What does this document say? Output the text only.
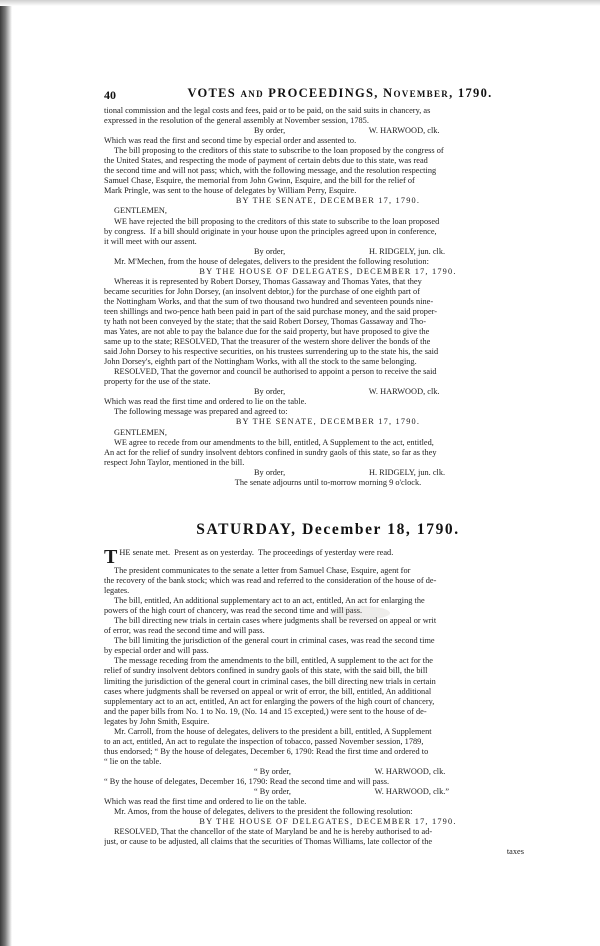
40	VOTES and PROCEEDINGS, November, 1790.
tional commission and the legal costs and fees, paid or to be paid, on the said suits in chancery, as
expressed in the resolution of the general assembly at November session, 1785.
By order,                                        W. HARWOOD, clk.
Which was read the first and second time by especial order and assented to.
The bill proposing to the creditors of this state to subscribe to the loan proposed by the congress of
the United States, and respecting the mode of payment of certain debts due to this state, was read
the second time and will not pass; which, with the following message, and the resolution respecting
Samuel Chase, Esquire, the memorial from John Gwinn, Esquire, and the bill for the relief of
Mark Pringle, was sent to the house of delegates by William Perry, Esquire.
BY THE SENATE, DECEMBER 17, 1790.
GENTLEMEN,
WE have rejected the bill proposing to the creditors of this state to subscribe to the loan proposed
by congress.  If a bill should originate in your house upon the principles agreed upon in conference,
it will meet with our assent.
By order,                                        H. RIDGELY, jun. clk.
Mr. M'Mechen, from the house of delegates, delivers to the president the following resolution:
BY THE HOUSE OF DELEGATES, DECEMBER 17, 1790.
Whereas it is represented by Robert Dorsey, Thomas Gassaway and Thomas Yates, that they
became securities for John Dorsey, (an insolvent debtor,) for the purchase of one eighth part of
the Nottingham Works, and that the sum of two thousand two hundred and seventeen pounds nine-
teen shillings and two-pence hath been paid in part of the said purchase money, and the said proper-
ty hath not been conveyed by the state; that the said Robert Dorsey, Thomas Gassaway and Tho-
mas Yates, are not able to pay the balance due for the said property, but have proposed to give the
same up to the state; RESOLVED, That the treasurer of the western shore deliver the bonds of the
said John Dorsey to his respective securities, on his trustees surrendering up to the state his, the said
John Dorsey's, eighth part of the Nottingham Works, with all the stock to the same belonging.
RESOLVED, That the governor and council be authorised to appoint a person to receive the said
property for the use of the state.
By order,                                        W. HARWOOD, clk.
Which was read the first time and ordered to lie on the table.
The following message was prepared and agreed to:
BY THE SENATE, DECEMBER 17, 1790.
GENTLEMEN,
WE agree to recede from our amendments to the bill, entitled, A Supplement to the act, entitled,
An act for the relief of sundry insolvent debtors confined in sundry gaols of this state, so far as they
respect John Taylor, mentioned in the bill.
By order,                                        H. RIDGELY, jun. clk.
The senate adjourns until to-morrow morning 9 o'clock.
SATURDAY, December 18, 1790.
THE senate met.  Present as on yesterday.  The proceedings of yesterday were read.
The president communicates to the senate a letter from Samuel Chase, Esquire, agent for
the recovery of the bank stock; which was read and referred to the consideration of the house of de-
legates.
The bill, entitled, An additional supplementary act to an act, entitled, An act for enlarging the
powers of the high court of chancery, was read the second time and will pass.
The bill directing new trials in certain cases where judgments shall be reversed on appeal or writ
of error, was read the second time and will pass.
The bill limiting the jurisdiction of the general court in criminal cases, was read the second time
by especial order and will pass.
The message receding from the amendments to the bill, entitled, A supplement to the act for the
relief of sundry insolvent debtors confined in sundry gaols of this state, with the said bill, the bill
limiting the jurisdiction of the general court in criminal cases, the bill directing new trials in certain
cases where judgments shall be reversed on appeal or writ of error, the bill, entitled, An additional
supplementary act to an act, entitled, An act for enlarging the powers of the high court of chancery,
and the paper bills from No. 1 to No. 19, (No. 14 and 15 excepted,) were sent to the house of de-
legates by John Smith, Esquire.
Mr. Carroll, from the house of delegates, delivers to the president a bill, entitled, A Supplement
to an act, entitled, An act to regulate the inspection of tobacco, passed November session, 1789,
thus endorsed; “ By the house of delegates, December 6, 1790: Read the first time and ordered to
“ lie on the table.
“ By order,                                        W. HARWOOD, clk.
“ By the house of delegates, December 16, 1790: Read the second time and will pass.
“ By order,                                        W. HARWOOD, clk.”
Which was read the first time and ordered to lie on the table.
Mr. Amos, from the house of delegates, delivers to the president the following resolution:
BY THE HOUSE OF DELEGATES, DECEMBER 17, 1790.
RESOLVED, That the chancellor of the state of Maryland be and he is hereby authorised to ad-
just, or cause to be adjusted, all claims that the securities of Thomas Williams, late collector of the
taxes
